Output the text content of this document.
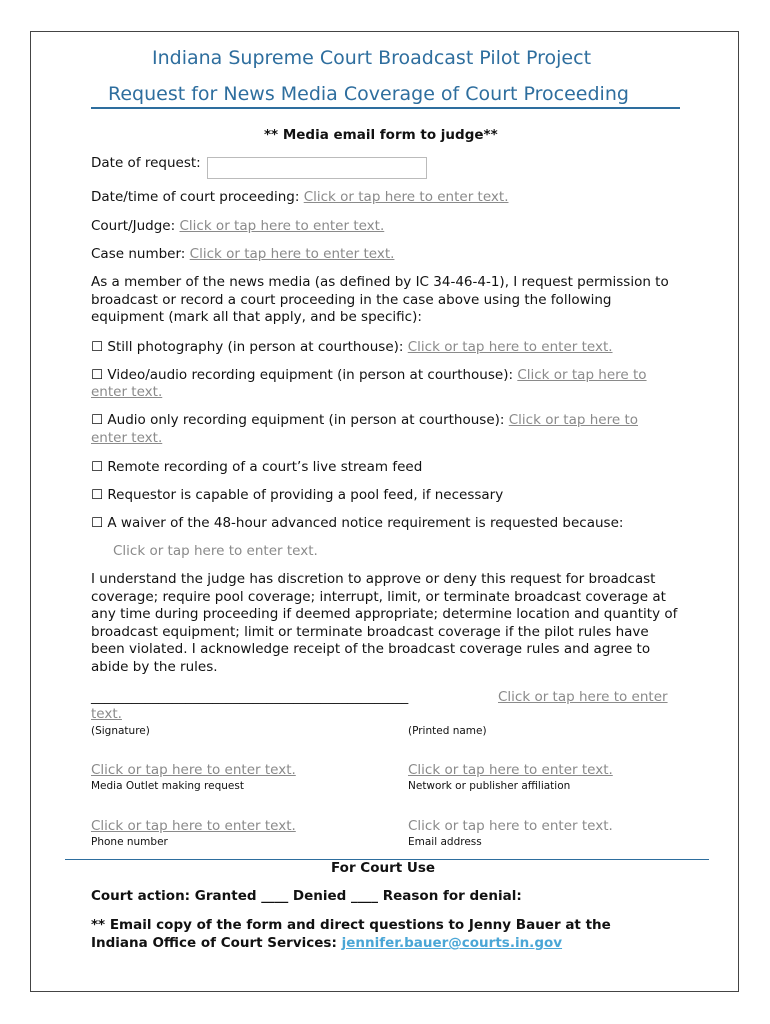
Indiana Supreme Court Broadcast Pilot Project
Request for News Media Coverage of Court Proceeding
** Media email form to judge**
Date of request:
Date/time of court proceeding: Click or tap here to enter text.
Court/Judge: Click or tap here to enter text.
Case number: Click or tap here to enter text.
As a member of the news media (as defined by IC 34-46-4-1), I request permission to broadcast or record a court proceeding in the case above using the following equipment (mark all that apply, and be specific):
☐ Still photography (in person at courthouse): Click or tap here to enter text.
☐ Video/audio recording equipment (in person at courthouse): Click or tap here to
enter text.
☐ Audio only recording equipment (in person at courthouse): Click or tap here to
enter text.
☐ Remote recording of a court’s live stream feed
☐ Requestor is capable of providing a pool feed, if necessary
☐ A waiver of the 48-hour advanced notice requirement is requested because:
Click or tap here to enter text.
I understand the judge has discretion to approve or deny this request for broadcast coverage; require pool coverage; interrupt, limit, or terminate broadcast coverage at any time during proceeding if deemed appropriate; determine location and quantity of broadcast equipment; limit or terminate broadcast coverage if the pilot rules have been violated. I acknowledge receipt of the broadcast coverage rules and agree to abide by the rules.
_______________________________________________	Click or tap here to enter
text.
(Signature)	(Printed name)
Click or tap here to enter text.	Click or tap here to enter text.
Media Outlet making request	Network or publisher affiliation
Click or tap here to enter text.	Click or tap here to enter text.
Phone number	Email address
For Court Use
Court action: Granted ____ Denied ____ Reason for denial:
** Email copy of the form and direct questions to Jenny Bauer at the
Indiana Office of Court Services: jennifer.bauer@courts.in.gov
